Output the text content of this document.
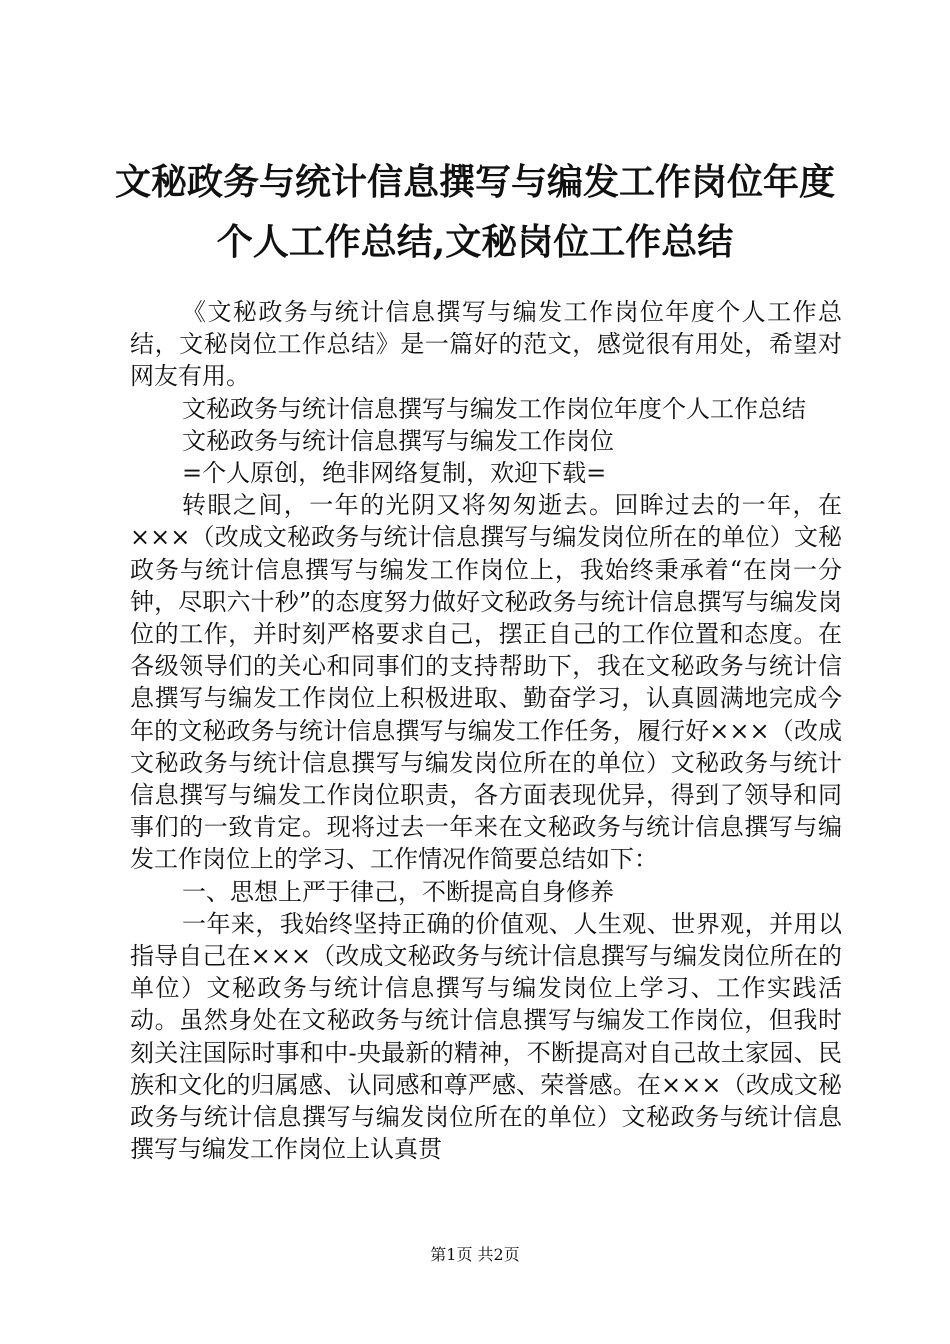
文秘政务与统计信息撰写与编发工作岗位年度
个人工作总结,文秘岗位工作总结

《文秘政务与统计信息撰写与编发工作岗位年度个人工作总结，文秘岗位工作总结》是一篇好的范文，感觉很有用处，希望对网友有用。

文秘政务与统计信息撰写与编发工作岗位年度个人工作总结

文秘政务与统计信息撰写与编发工作岗位

=个人原创，绝非网络复制，欢迎下载=

转眼之间，一年的光阴又将匆匆逝去。回眸过去的一年，在×××（改成文秘政务与统计信息撰写与编发岗位所在的单位）文秘政务与统计信息撰写与编发工作岗位上，我始终秉承着“在岗一分钟，尽职六十秒”的态度努力做好文秘政务与统计信息撰写与编发岗位的工作，并时刻严格要求自己，摆正自己的工作位置和态度。在各级领导们的关心和同事们的支持帮助下，我在文秘政务与统计信息撰写与编发工作岗位上积极进取、勤奋学习，认真圆满地完成今年的文秘政务与统计信息撰写与编发工作任务，履行好×××（改成文秘政务与统计信息撰写与编发岗位所在的单位）文秘政务与统计信息撰写与编发工作岗位职责，各方面表现优异，得到了领导和同事们的一致肯定。现将过去一年来在文秘政务与统计信息撰写与编发工作岗位上的学习、工作情况作简要总结如下：

一、思想上严于律己，不断提高自身修养

一年来，我始终坚持正确的价值观、人生观、世界观，并用以指导自己在×××（改成文秘政务与统计信息撰写与编发岗位所在的单位）文秘政务与统计信息撰写与编发岗位上学习、工作实践活动。虽然身处在文秘政务与统计信息撰写与编发工作岗位，但我时刻关注国际时事和中-央最新的精神，不断提高对自己故土家园、民族和文化的归属感、认同感和尊严感、荣誉感。在×××（改成文秘政务与统计信息撰写与编发岗位所在的单位）文秘政务与统计信息撰写与编发工作岗位上认真贯

第1页 共2页
